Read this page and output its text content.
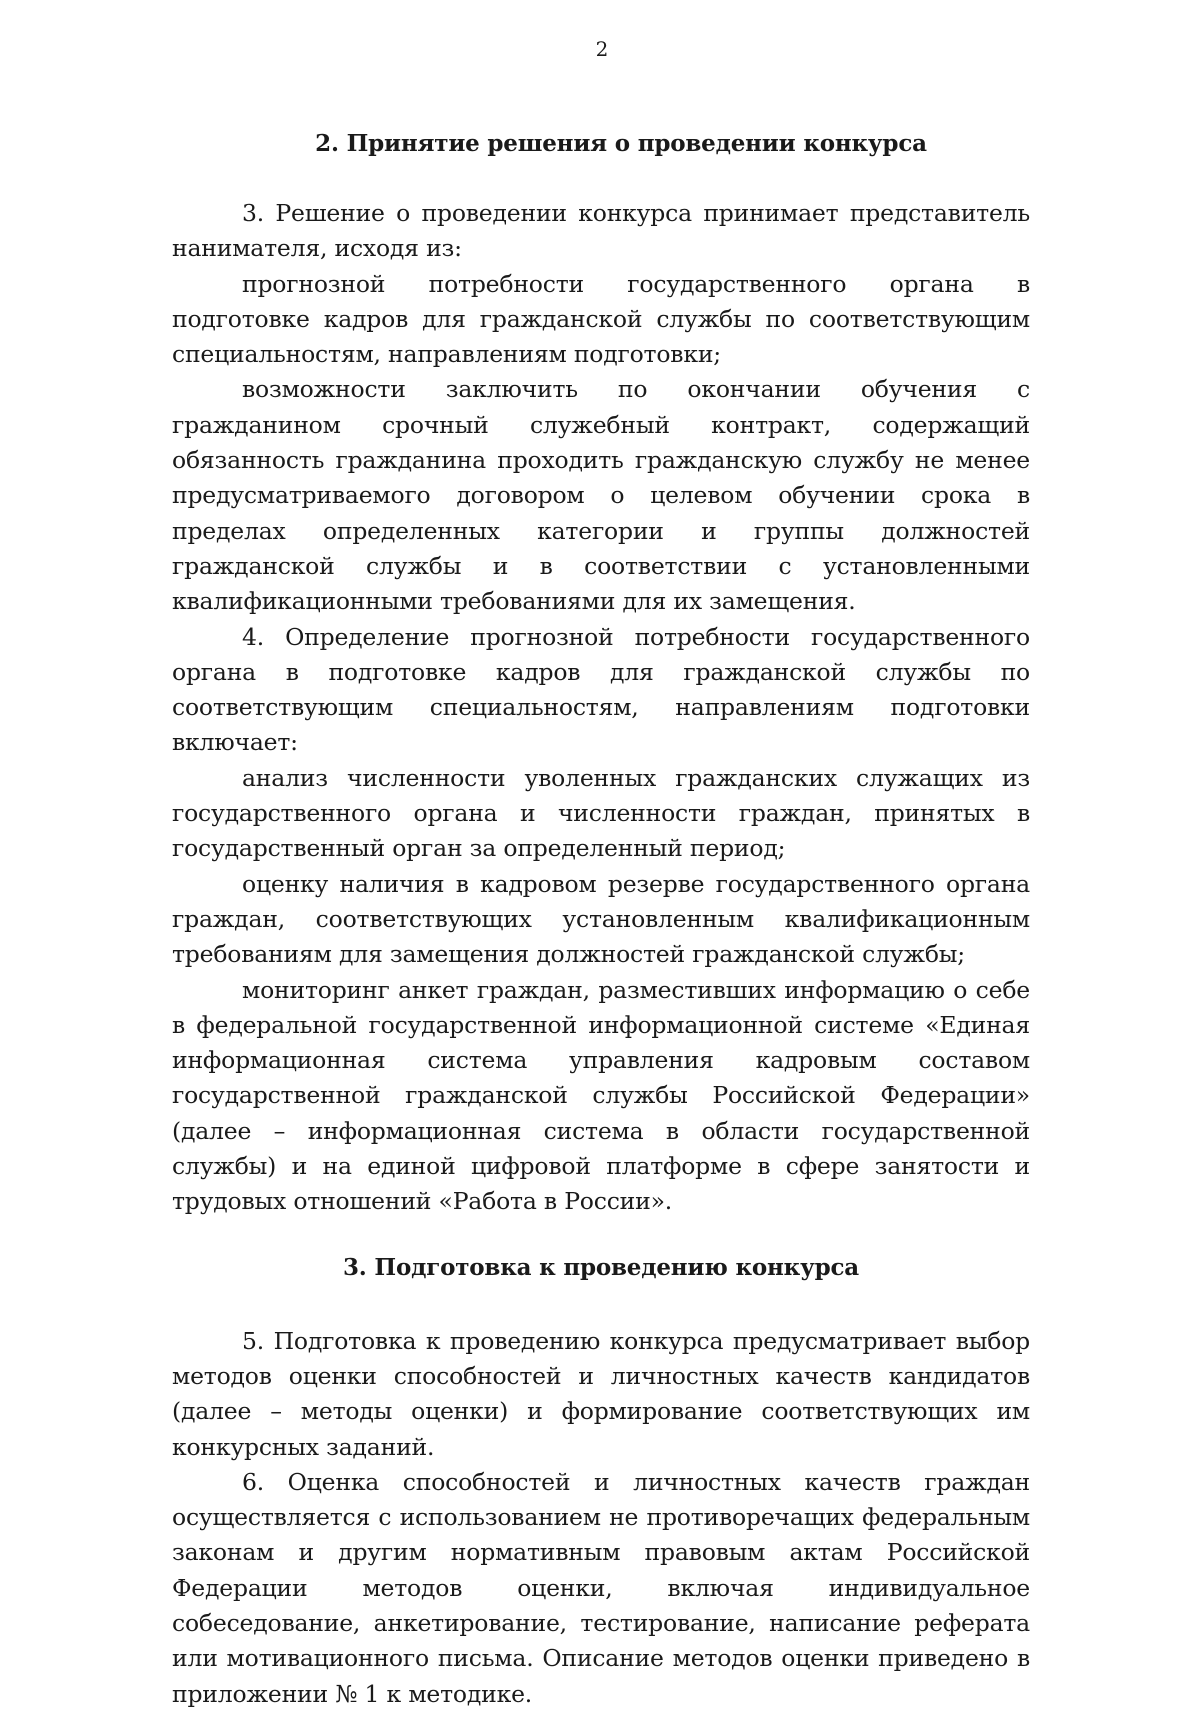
2
2. Принятие решения о проведении конкурса

3. Решение о проведении конкурса принимает представитель нанимателя, исходя из:

прогнозной потребности государственного органа в подготовке кадров для гражданской службы по соответствующим специальностям, направлениям подготовки;

возможности заключить по окончании обучения с гражданином срочный служебный контракт, содержащий обязанность гражданина проходить гражданскую службу не менее предусматриваемого договором о целевом обучении срока в пределах определенных категории и группы должностей гражданской службы и в соответствии с установленными квалификационными требованиями для их замещения.

4. Определение прогнозной потребности государственного органа в подготовке кадров для гражданской службы по соответствующим специальностям, направлениям подготовки включает:

анализ численности уволенных гражданских служащих из государственного органа и численности граждан, принятых в государственный орган за определенный период;

оценку наличия в кадровом резерве государственного органа граждан, соответствующих установленным квалификационным требованиям для замещения должностей гражданской службы;

мониторинг анкет граждан, разместивших информацию о себе в федеральной государственной информационной системе «Единая информационная система управления кадровым составом государственной гражданской службы Российской Федерации» (далее – информационная система в области государственной службы) и на единой цифровой платформе в сфере занятости и трудовых отношений «Работа в России».

3. Подготовка к проведению конкурса

5. Подготовка к проведению конкурса предусматривает выбор методов оценки способностей и личностных качеств кандидатов (далее – методы оценки) и формирование соответствующих им конкурсных заданий.

6. Оценка способностей и личностных качеств граждан осуществляется с использованием не противоречащих федеральным законам и другим нормативным правовым актам Российской Федерации методов оценки, включая индивидуальное собеседование, анкетирование, тестирование, написание реферата или мотивационного письма. Описание методов оценки приведено в приложении № 1 к методике.
